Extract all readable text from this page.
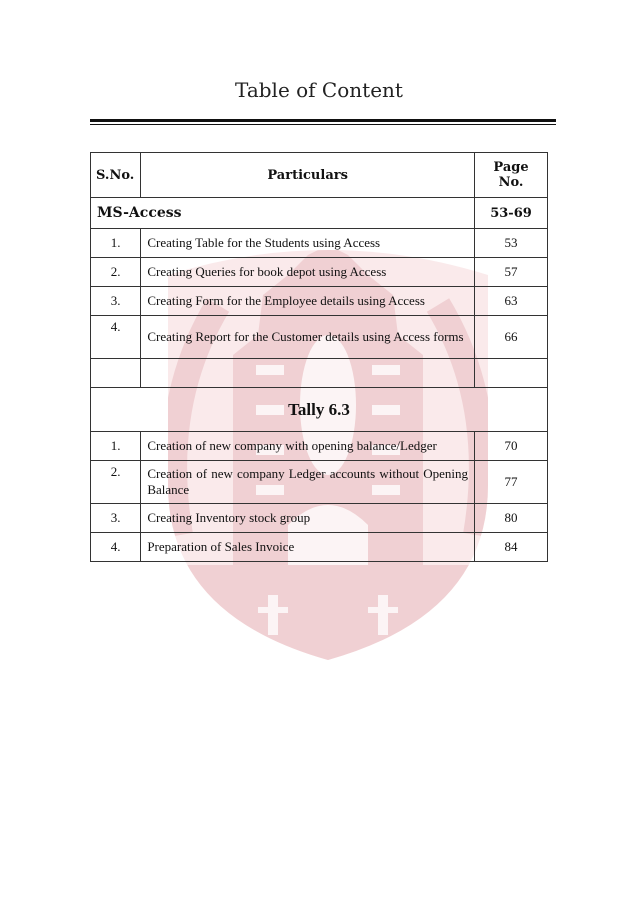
Table of Content
S.No.	Particulars	Page No.
MS-Access		53-69
1.	Creating Table for the Students using Access	53
2.	Creating Queries for book depot using Access	57
3.	Creating Form for the Employee details using Access	63
4.	Creating Report for the Customer details using Access forms	66

Tally 6.3		
1.	Creation of new company with opening balance/Ledger	70
2.	Creation of new company Ledger accounts without Opening Balance	77
3.	Creating Inventory stock group	80
4.	Preparation of Sales Invoice	84
